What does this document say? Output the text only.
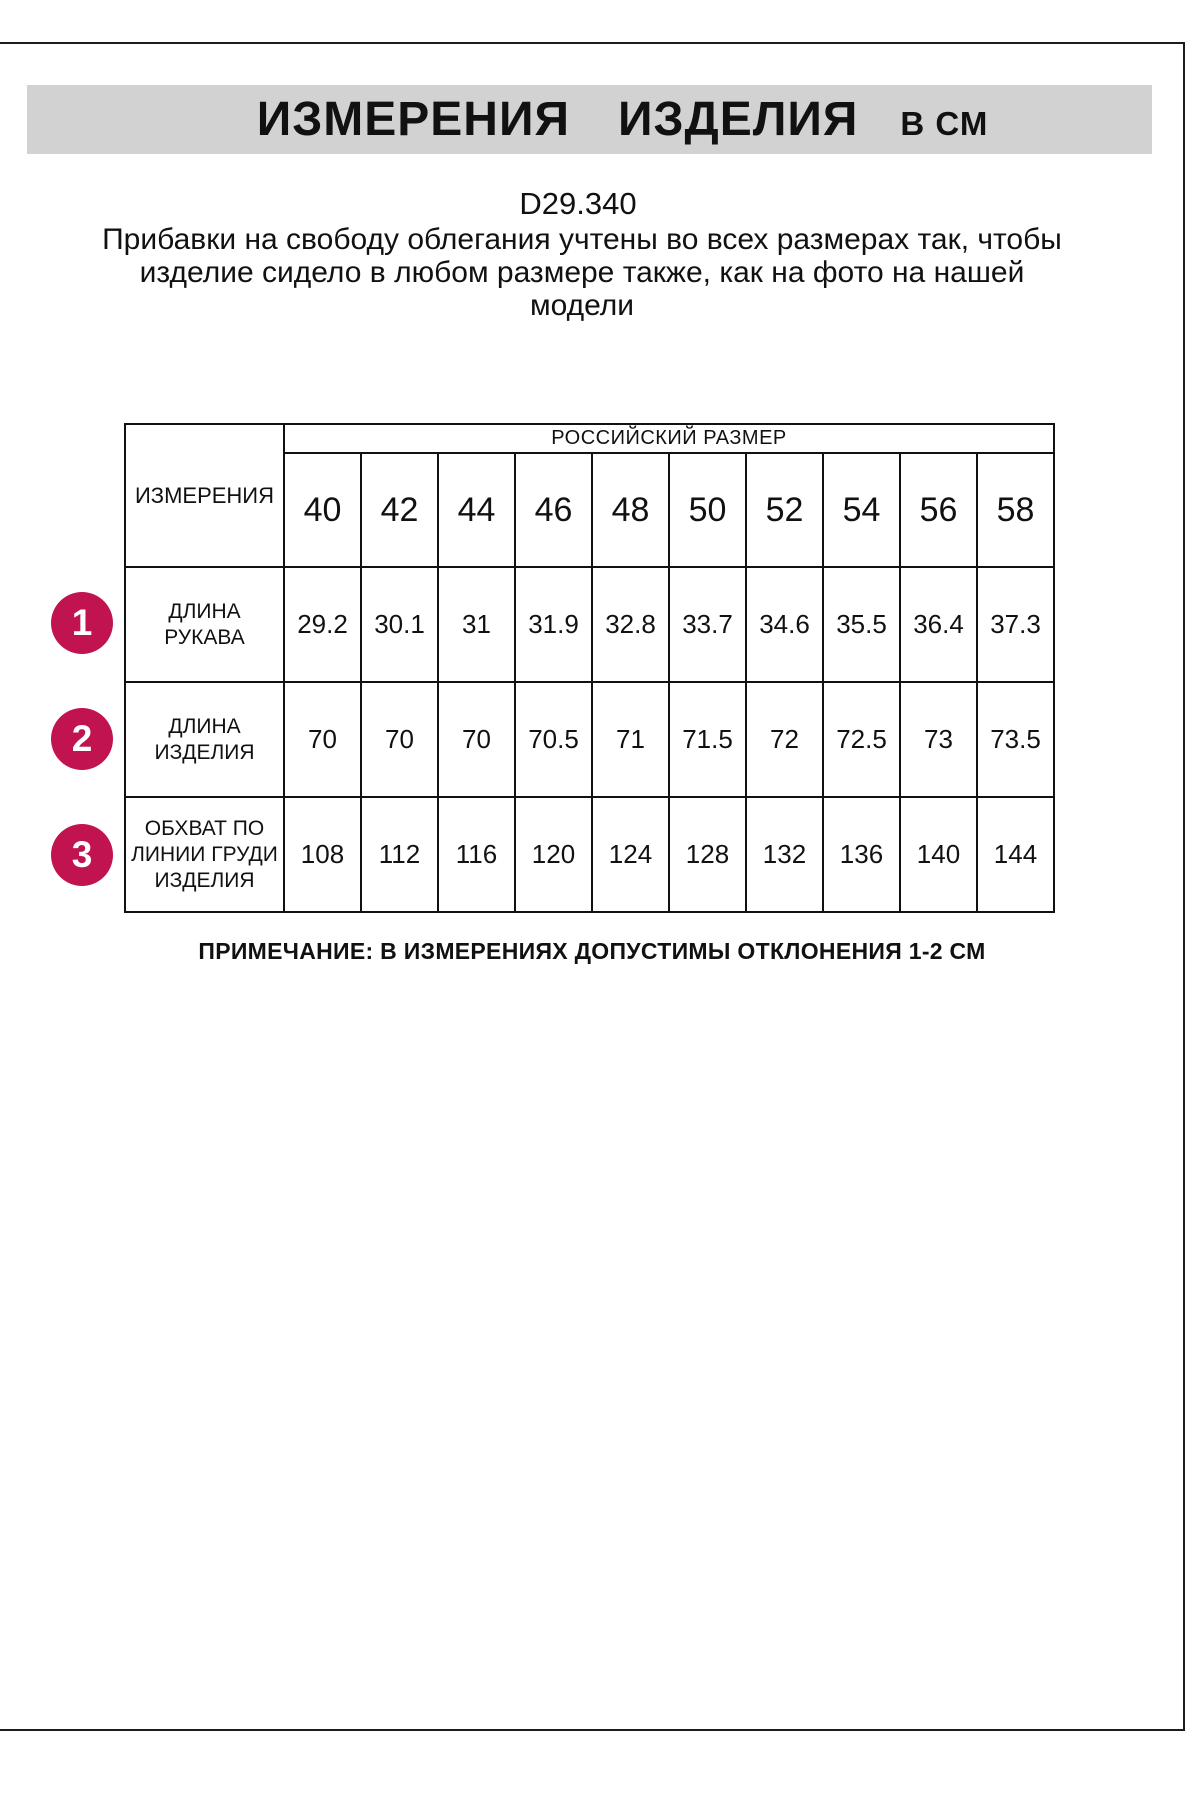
ИЗМЕРЕНИЯ ИЗДЕЛИЯ В СМ
D29.340
Прибавки на свободу облегания учтены во всех размерах так, чтобы
изделие сидело в любом размере также, как на фото на нашей
модели
ИЗМЕРЕНИЯ	РОССИЙСКИЙ РАЗМЕР									
	40	42	44	46	48	50	52	54	56	58
ДЛИНА РУКАВА	29.2	30.1	31	31.9	32.8	33.7	34.6	35.5	36.4	37.3
ДЛИНА ИЗДЕЛИЯ	70	70	70	70.5	71	71.5	72	72.5	73	73.5
ОБХВАТ ПО ЛИНИИ ГРУДИ ИЗДЕЛИЯ	108	112	116	120	124	128	132	136	140	144
1
2
3
ПРИМЕЧАНИЕ: В ИЗМЕРЕНИЯХ ДОПУСТИМЫ ОТКЛОНЕНИЯ 1-2 СМ
